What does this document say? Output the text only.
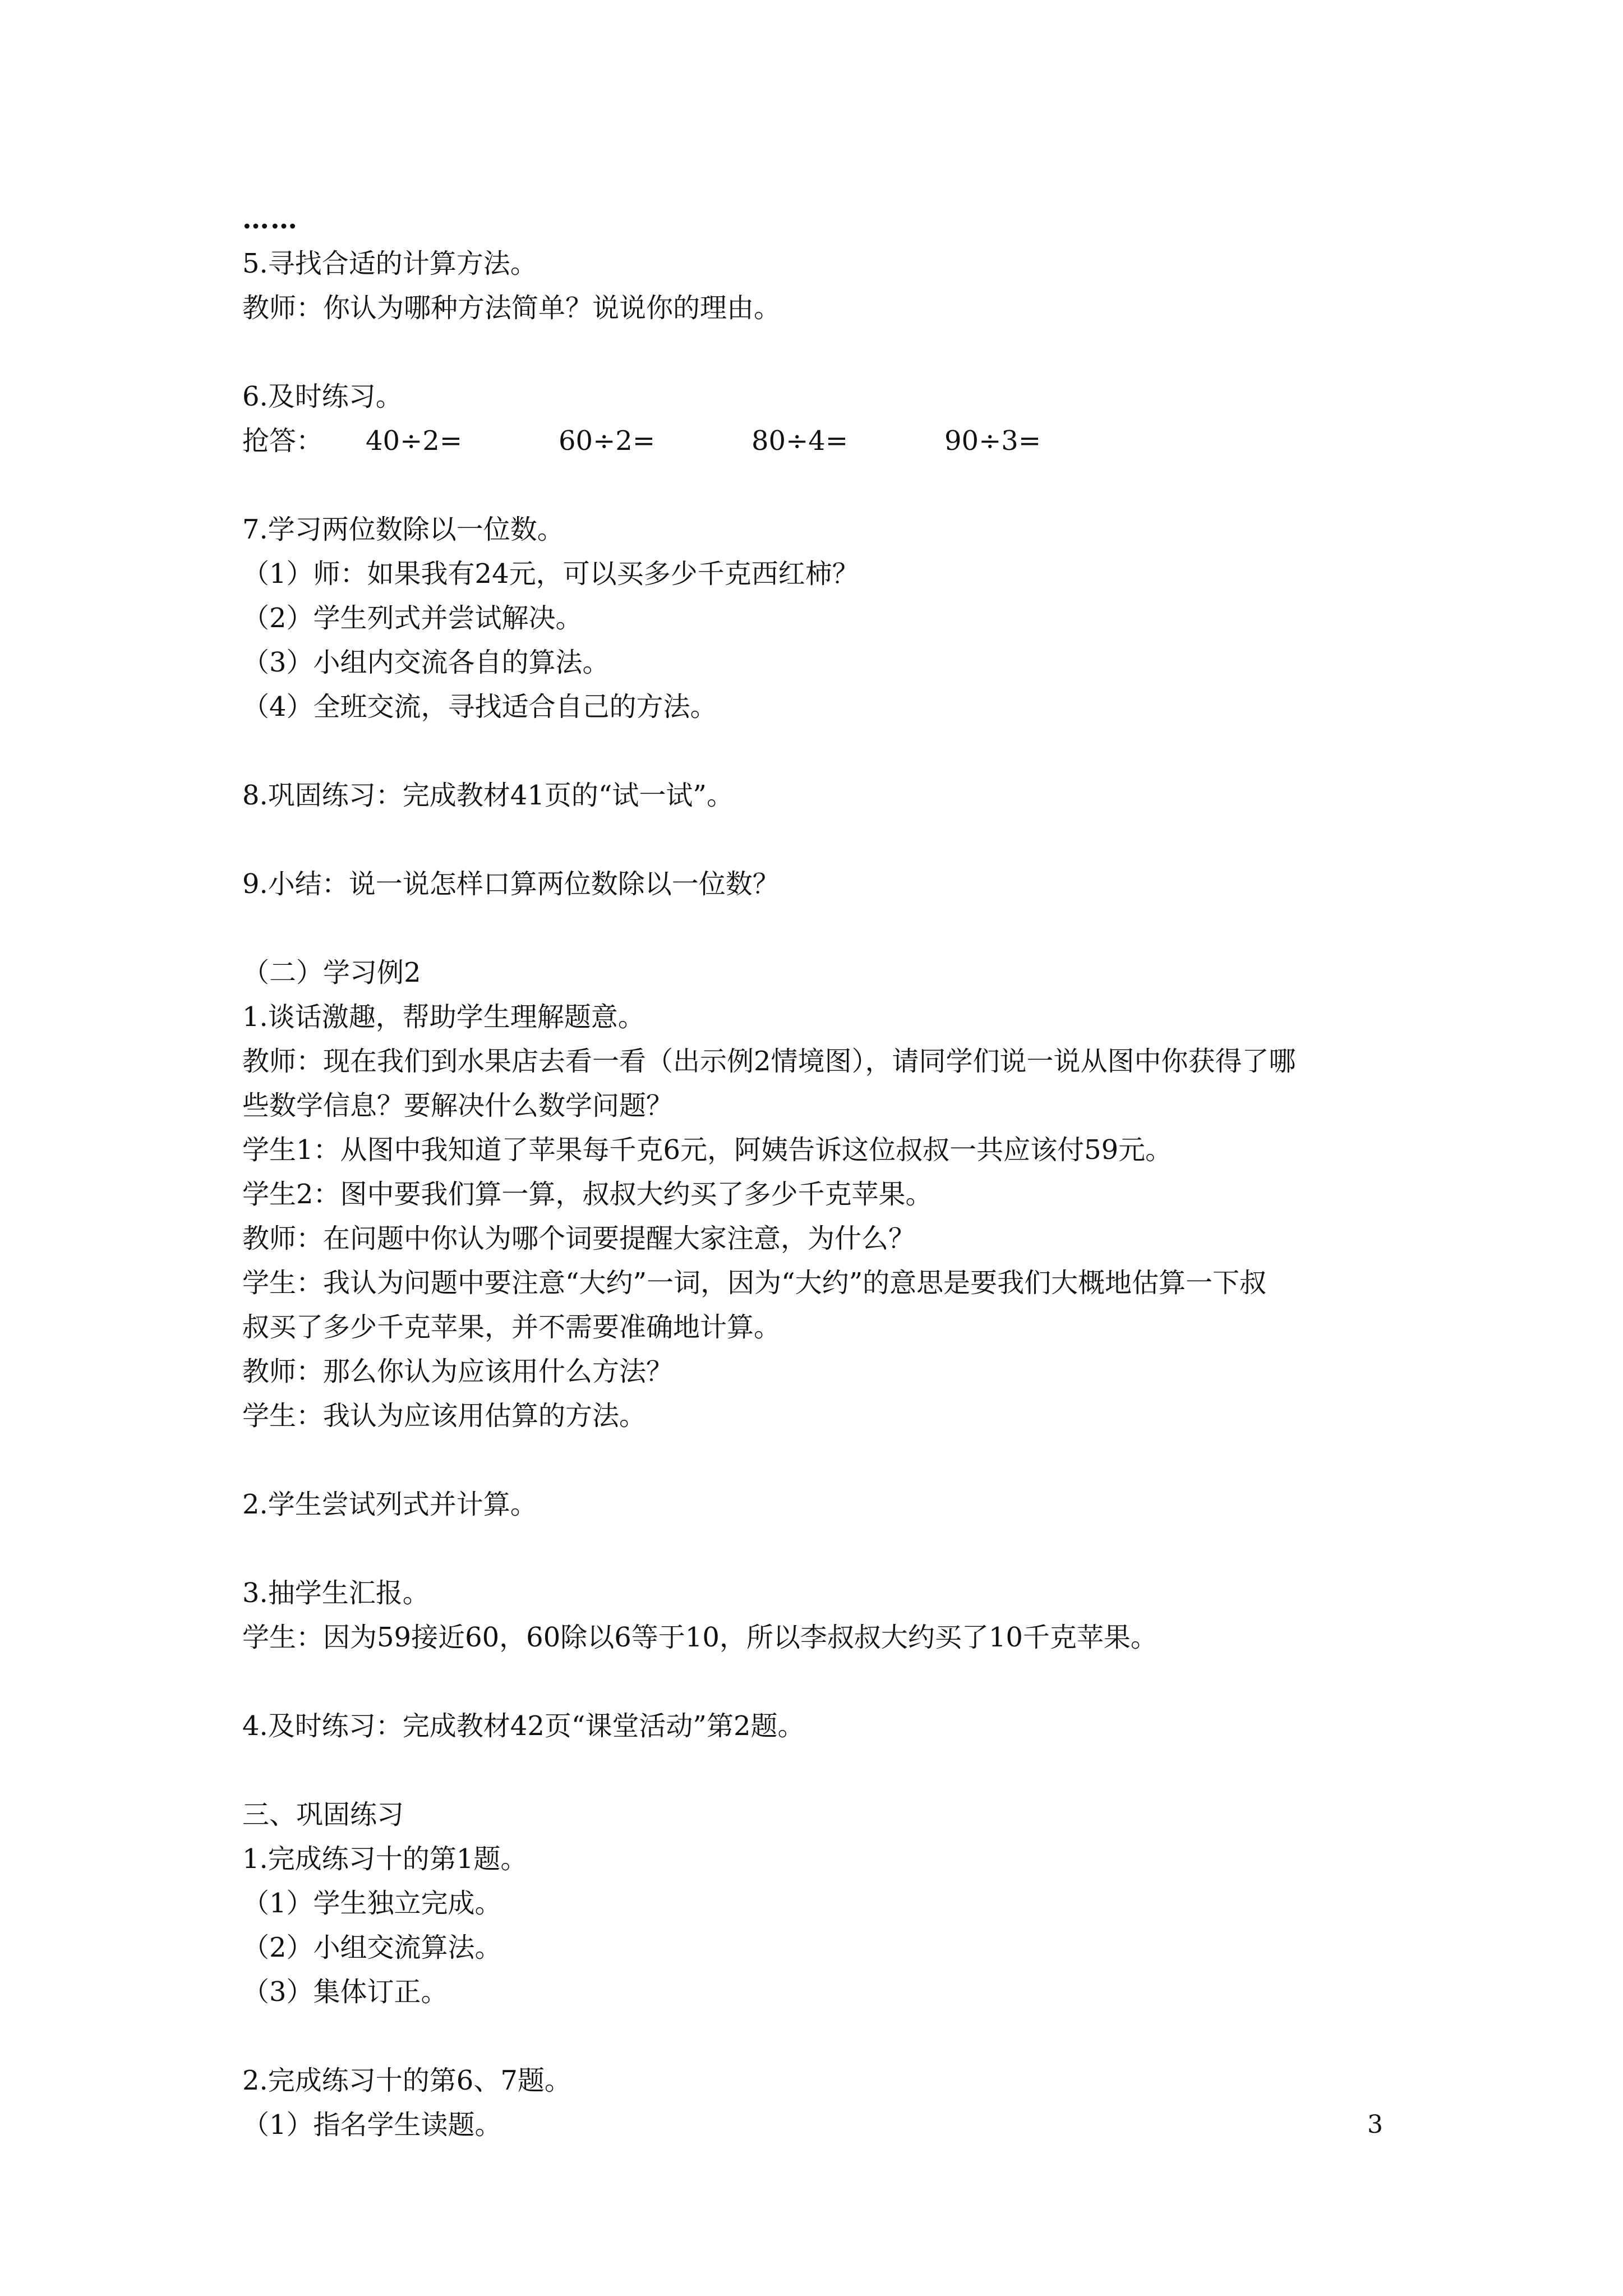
……

5.寻找合适的计算方法。

教师：你认为哪种方法简单？说说你的理由。

6.及时练习。

抢答：	40÷2=	60÷2=	80÷4=	90÷3=

7.学习两位数除以一位数。

（1）师：如果我有24元，可以买多少千克西红柿？

（2）学生列式并尝试解决。

（3）小组内交流各自的算法。

（4）全班交流，寻找适合自己的方法。

8.巩固练习：完成教材41页的“试一试”。

9.小结：说一说怎样口算两位数除以一位数？

（二）学习例2

1.谈话激趣，帮助学生理解题意。

教师：现在我们到水果店去看一看（出示例2情境图），请同学们说一说从图中你获得了哪

些数学信息？要解决什么数学问题？

学生1：从图中我知道了苹果每千克6元，阿姨告诉这位叔叔一共应该付59元。

学生2：图中要我们算一算，叔叔大约买了多少千克苹果。

教师：在问题中你认为哪个词要提醒大家注意，为什么？

学生：我认为问题中要注意“大约”一词，因为“大约”的意思是要我们大概地估算一下叔

叔买了多少千克苹果，并不需要准确地计算。

教师：那么你认为应该用什么方法？

学生：我认为应该用估算的方法。

2.学生尝试列式并计算。

3.抽学生汇报。

学生：因为59接近60，60除以6等于10，所以李叔叔大约买了10千克苹果。

4.及时练习：完成教材42页“课堂活动”第2题。

三、巩固练习

1.完成练习十的第1题。

（1）学生独立完成。

（2）小组交流算法。

（3）集体订正。

2.完成练习十的第6、7题。

（1）指名学生读题。	3
